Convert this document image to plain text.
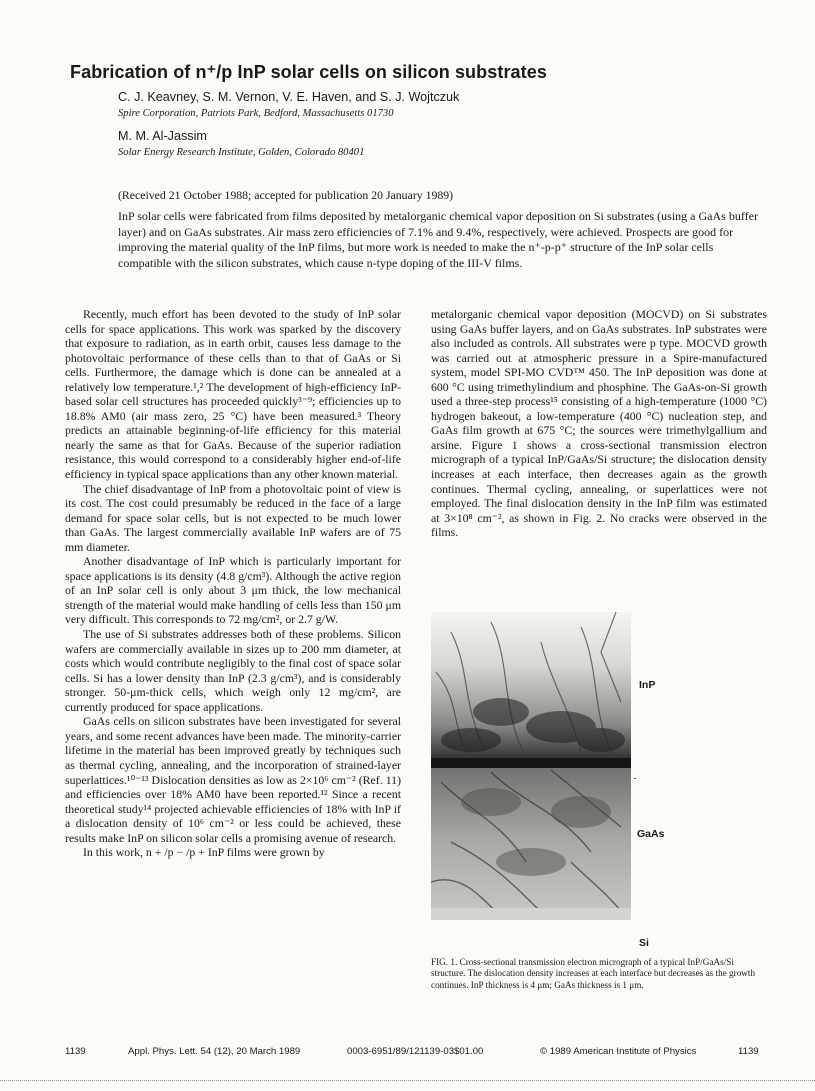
Fabrication of n⁺/p InP solar cells on silicon substrates
C. J. Keavney, S. M. Vernon, V. E. Haven, and S. J. Wojtczuk
Spire Corporation, Patriots Park, Bedford, Massachusetts 01730
M. M. Al-Jassim
Solar Energy Research Institute, Golden, Colorado 80401
(Received 21 October 1988; accepted for publication 20 January 1989)

InP solar cells were fabricated from films deposited by metalorganic chemical vapor deposition on Si substrates (using a GaAs buffer layer) and on GaAs substrates. Air mass zero efficiencies of 7.1% and 9.4%, respectively, were achieved. Prospects are good for improving the material quality of the InP films, but more work is needed to make the n⁺-p-p⁺ structure of the InP solar cells compatible with the silicon substrates, which cause n-type doping of the III-V films.

Recently, much effort has been devoted to the study of InP solar cells for space applications. This work was sparked by the discovery that exposure to radiation, as in earth orbit, causes less damage to the photovoltaic performance of these cells than to that of GaAs or Si cells. Furthermore, the damage which is done can be annealed at a relatively low temperature.¹,² The development of high-efficiency InP-based solar cell structures has proceeded quickly³⁻⁹; efficiencies up to 18.8% AM0 (air mass zero, 25 °C) have been measured.³ Theory predicts an attainable beginning-of-life efficiency for this material nearly the same as that for GaAs. Because of the superior radiation resistance, this would correspond to a considerably higher end-of-life efficiency in typical space applications than any other known material.

The chief disadvantage of InP from a photovoltaic point of view is its cost. The cost could presumably be reduced in the face of a large demand for space solar cells, but is not expected to be much lower than GaAs. The largest commercially available InP wafers are of 75 mm diameter.

Another disadvantage of InP which is particularly important for space applications is its density (4.8 g/cm³). Although the active region of an InP solar cell is only about 3 μm thick, the low mechanical strength of the material would make handling of cells less than 150 μm very difficult. This corresponds to 72 mg/cm², or 2.7 g/W.

The use of Si substrates addresses both of these problems. Silicon wafers are commercially available in sizes up to 200 mm diameter, at costs which would contribute negligibly to the final cost of space solar cells. Si has a lower density than InP (2.3 g/cm³), and is considerably stronger. 50-μm-thick cells, which weigh only 12 mg/cm², are currently produced for space applications.

GaAs cells on silicon substrates have been investigated for several years, and some recent advances have been made. The minority-carrier lifetime in the material has been improved greatly by techniques such as thermal cycling, annealing, and the incorporation of strained-layer superlattices.¹⁰⁻¹³ Dislocation densities as low as 2×10⁶ cm⁻² (Ref. 11) and efficiencies over 18% AM0 have been reported.¹² Since a recent theoretical study¹⁴ projected achievable efficiencies of 18% with InP if a dislocation density of 10⁶ cm⁻² or less could be achieved, these results make InP on silicon solar cells a promising avenue of research.

In this work, n + /p − /p + InP films were grown by

metalorganic chemical vapor deposition (MOCVD) on Si substrates using GaAs buffer layers, and on GaAs substrates. InP substrates were also included as controls. All substrates were p type. MOCVD growth was carried out at atmospheric pressure in a Spire-manufactured system, model SPI-MO CVD™ 450. The InP deposition was done at 600 °C using trimethylindium and phosphine. The GaAs-on-Si growth used a three-step process¹⁵ consisting of a high-temperature (1000 °C) hydrogen bakeout, a low-temperature (400 °C) nucleation step, and GaAs film growth at 675 °C; the sources were trimethylgallium and arsine. Figure 1 shows a cross-sectional transmission electron micrograph of a typical InP/GaAs/Si structure; the dislocation density increases at each interface, then decreases again as the growth continues. Thermal cycling, annealing, or superlattices were not employed. The final dislocation density in the InP film was estimated at 3×10⁸ cm⁻², as shown in Fig. 2. No cracks were observed in the films.

InP
GaAs
Si

FIG. 1. Cross-sectional transmission electron micrograph of a typical InP/GaAs/Si structure. The dislocation density increases at each interface but decreases as the growth continues. InP thickness is 4 μm; GaAs thickness is 1 μm.

1139	Appl. Phys. Lett. 54 (12), 20 March 1989	0003-6951/89/121139-03$01.00	© 1989 American Institute of Physics	1139
